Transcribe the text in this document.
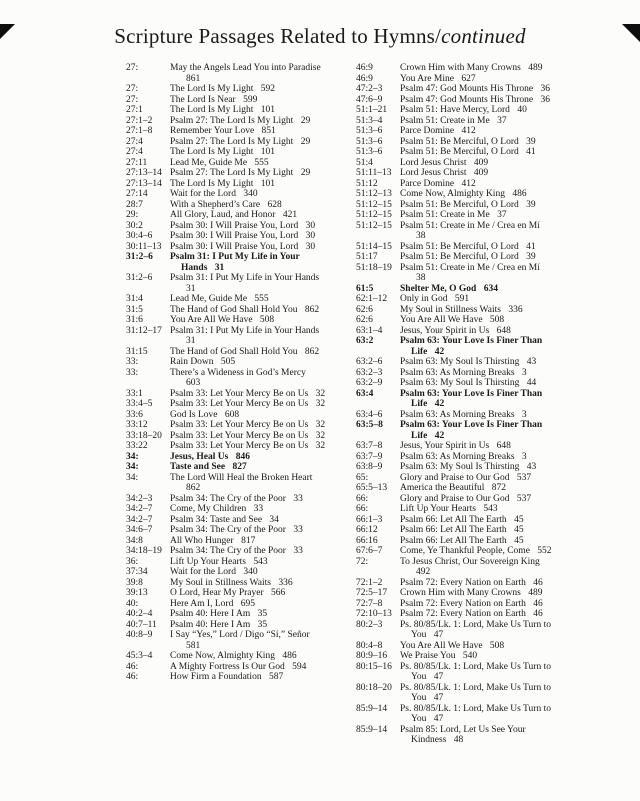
Scripture Passages Related to Hymns/continued
27:	May the Angels Lead You into Paradise 861
27:	The Lord Is My Light 592
27:	The Lord Is Near 599
27:1	The Lord Is My Light 101
27:1–2	Psalm 27: The Lord Is My Light 29
27:1–8	Remember Your Love 851
27:4	Psalm 27: The Lord Is My Light 29
27:4	The Lord Is My Light 101
27:11	Lead Me, Guide Me 555
27:13–14 Psalm 27: The Lord Is My Light 29
27:13–14 The Lord Is My Light 101
27:14	Wait for the Lord 340
28:7	With a Shepherd’s Care 628
29:	All Glory, Laud, and Honor 421
30:2	Psalm 30: I Will Praise You, Lord 30
30:4–6	Psalm 30: I Will Praise You, Lord 30
30:11–13 Psalm 30: I Will Praise You, Lord 30
31:2–6	Psalm 31: I Put My Life in Your Hands 31
31:2–6	Psalm 31: I Put My Life in Your Hands 31
31:4	Lead Me, Guide Me 555
31:5	The Hand of God Shall Hold You 862
31:6	You Are All We Have 508
31:12–17 Psalm 31: I Put My Life in Your Hands 31
31:15	The Hand of God Shall Hold You 862
33:	Rain Down 505
33:	There’s a Wideness in God’s Mercy 603
33:1	Psalm 33: Let Your Mercy Be on Us 32
33:4–5	Psalm 33: Let Your Mercy Be on Us 32
33:6	God Is Love 608
33:12	Psalm 33: Let Your Mercy Be on Us 32
33:18–20 Psalm 33: Let Your Mercy Be on Us 32
33:22	Psalm 33: Let Your Mercy Be on Us 32
34:	Jesus, Heal Us 846
34:	Taste and See 827
34:	The Lord Will Heal the Broken Heart 862
34:2–3	Psalm 34: The Cry of the Poor 33
34:2–7	Come, My Children 33
34:2–7	Psalm 34: Taste and See 34
34:6–7	Psalm 34: The Cry of the Poor 33
34:8	All Who Hunger 817
34:18–19 Psalm 34: The Cry of the Poor 33
36:	Lift Up Your Hearts 543
37:34	Wait for the Lord 340
39:8	My Soul in Stillness Waits 336
39:13	O Lord, Hear My Prayer 566
40:	Here Am I, Lord 695
40:2–4	Psalm 40: Here I Am 35
40:7–11	Psalm 40: Here I Am 35
40:8–9	I Say “Yes,” Lord / Digo “Sí,” Señor 581
45:3–4	Come Now, Almighty King 486
46:	A Mighty Fortress Is Our God 594
46:	How Firm a Foundation 587
46:9	Crown Him with Many Crowns 489
46:9	You Are Mine 627
47:2–3	Psalm 47: God Mounts His Throne 36
47:6–9	Psalm 47: God Mounts His Throne 36
51:1–21	Psalm 51: Have Mercy, Lord 40
51:3–4	Psalm 51: Create in Me 37
51:3–6	Parce Domine 412
51:3–6	Psalm 51: Be Merciful, O Lord 39
51:3–6	Psalm 51: Be Merciful, O Lord 41
51:4	Lord Jesus Christ 409
51:11–13 Lord Jesus Christ 409
51:12	Parce Domine 412
51:12–13 Come Now, Almighty King 486
51:12–15 Psalm 51: Be Merciful, O Lord 39
51:12–15 Psalm 51: Create in Me 37
51:12–15 Psalm 51: Create in Me / Crea en Mí 38
51:14–15 Psalm 51: Be Merciful, O Lord 41
51:17	Psalm 51: Be Merciful, O Lord 39
51:18–19 Psalm 51: Create in Me / Crea en Mí 38
61:5	Shelter Me, O God 634
62:1–12	Only in God 591
62:6	My Soul in Stillness Waits 336
62:6	You Are All We Have 508
63:1–4	Jesus, Your Spirit in Us 648
63:2	Psalm 63: Your Love Is Finer Than Life 42
63:2–6	Psalm 63: My Soul Is Thirsting 43
63:2–3	Psalm 63: As Morning Breaks 3
63:2–9	Psalm 63: My Soul Is Thirsting 44
63:4	Psalm 63: Your Love Is Finer Than Life 42
63:4–6	Psalm 63: As Morning Breaks 3
63:5–8	Psalm 63: Your Love Is Finer Than Life 42
63:7–8	Jesus, Your Spirit in Us 648
63:7–9	Psalm 63: As Morning Breaks 3
63:8–9	Psalm 63: My Soul Is Thirsting 43
65:	Glory and Praise to Our God 537
65:5–13	America the Beautiful 872
66:	Glory and Praise to Our God 537
66:	Lift Up Your Hearts 543
66:1–3	Psalm 66: Let All The Earth 45
66:12	Psalm 66: Let All The Earth 45
66:16	Psalm 66: Let All The Earth 45
67:6–7	Come, Ye Thankful People, Come 552
72:	To Jesus Christ, Our Sovereign King 492
72:1–2	Psalm 72: Every Nation on Earth 46
72:5–17	Crown Him with Many Crowns 489
72:7–8	Psalm 72: Every Nation on Earth 46
72:10–13 Psalm 72: Every Nation on Earth 46
80:2–3	Ps. 80/85/Lk. 1: Lord, Make Us Turn to You 47
80:4–8	You Are All We Have 508
80:9–16	We Praise You 540
80:15–16 Ps. 80/85/Lk. 1: Lord, Make Us Turn to You 47
80:18–20 Ps. 80/85/Lk. 1: Lord, Make Us Turn to You 47
85:9–14	Ps. 80/85/Lk. 1: Lord, Make Us Turn to You 47
85:9–14	Psalm 85: Lord, Let Us See Your Kindness 48
